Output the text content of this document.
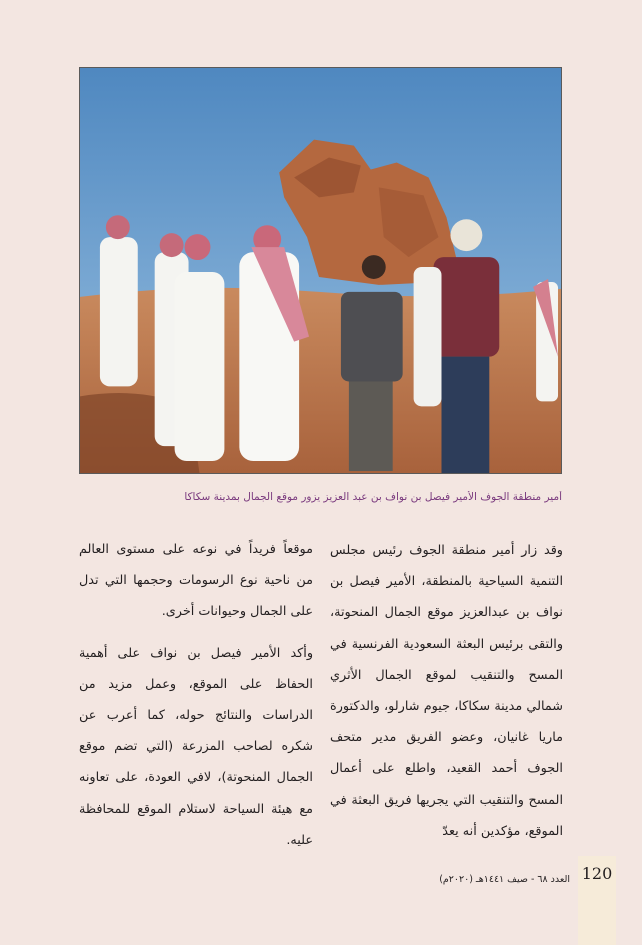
أمير منطقة الجوف الأمير فيصل بن نواف بن عبد العزيز يزور موقع الجمال بمدينة سكاكا

وقد زار أمير منطقة الجوف رئيس مجلس التنمية السياحية بالمنطقة، الأمير فيصل بن نواف بن عبدالعزيز موقع الجمال المنحوتة، والتقى برئيس البعثة السعودية الفرنسية في المسح والتنقيب لموقع الجمال الأثري شمالي مدينة سكاكا، جيوم شارلو، والدكتورة ماريا غانيان، وعضو الفريق مدير متحف الجوف أحمد القعيد، واطلع على أعمال المسح والتنقيب التي يجريها فريق البعثة في الموقع، مؤكدين أنه يعدّ

موقعاً فريداً في نوعه على مستوى العالم من ناحية نوع الرسومات وحجمها التي تدل على الجمال وحيوانات أخرى.

وأكد الأمير فيصل بن نواف على أهمية الحفاظ على الموقع، وعمل مزيد من الدراسات والنتائج حوله، كما أعرب عن شكره لصاحب المزرعة (التي تضم موقع الجمال المنحوتة)، لافي العودة، على تعاونه مع هيئة السياحة لاستلام الموقع للمحافظة عليه.

120
العدد ٦٨ - صيف ١٤٤١هـ (٢٠٢٠م)
